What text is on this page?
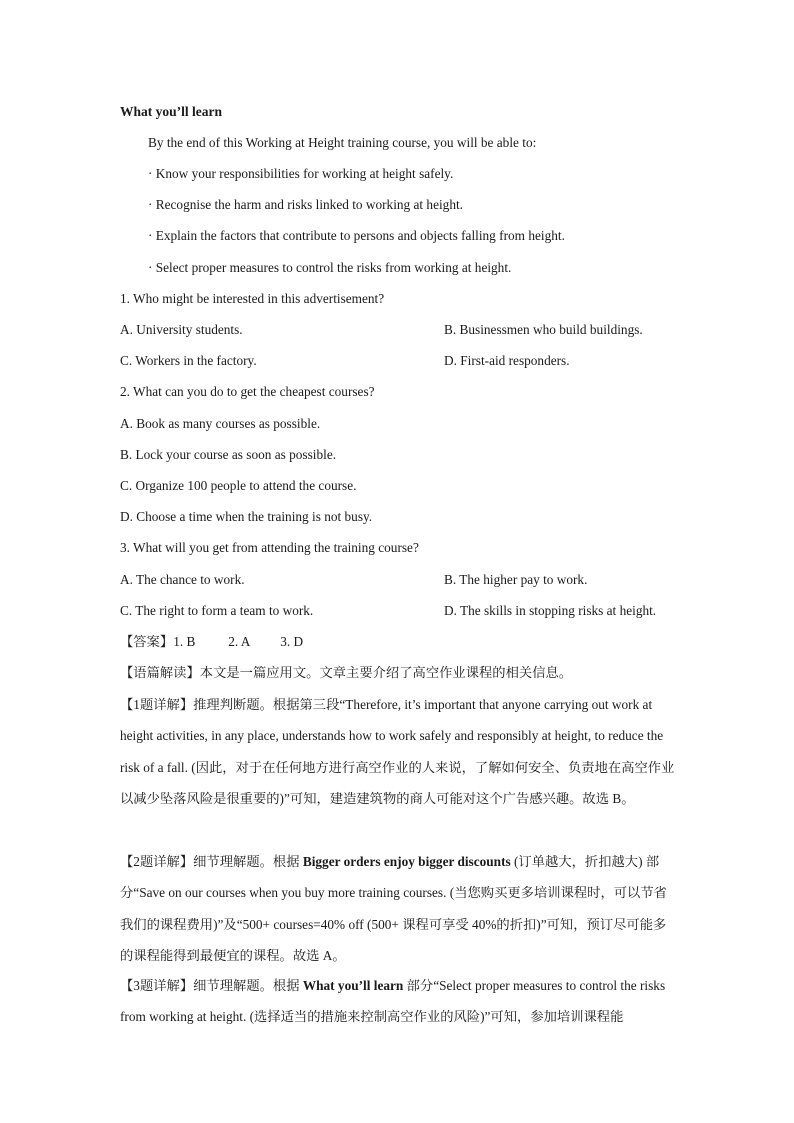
What you’ll learn
By the end of this Working at Height training course, you will be able to:
· Know your responsibilities for working at height safely.
· Recognise the harm and risks linked to working at height.
· Explain the factors that contribute to persons and objects falling from height.
· Select proper measures to control the risks from working at height.
1. Who might be interested in this advertisement?
A. University students.	B. Businessmen who build buildings.
C. Workers in the factory.	D. First-aid responders.
2. What can you do to get the cheapest courses?
A. Book as many courses as possible.
B. Lock your course as soon as possible.
C. Organize 100 people to attend the course.
D. Choose a time when the training is not busy.
3. What will you get from attending the training course?
A. The chance to work.	B. The higher pay to work.
C. The right to form a team to work.	D. The skills in stopping risks at height.
【答案】1. B 2. A 3. D
【语篇解读】本文是一篇应用文。文章主要介绍了高空作业课程的相关信息。
【1题详解】推理判断题。根据第三段“Therefore, it’s important that anyone carrying out work at height activities, in any place, understands how to work safely and responsibly at height, to reduce the risk of a fall. (因此，对于在任何地方进行高空作业的人来说，了解如何安全、负责地在高空作业以减少坠落风险是很重要的)”可知，建造建筑物的商人可能对这个广告感兴趣。故选 B。
【2题详解】细节理解题。根据 Bigger orders enjoy bigger discounts (订单越大，折扣越大) 部分“Save on our courses when you buy more training courses. (当您购买更多培训课程时，可以节省我们的课程费用)”及“500+ courses=40% off (500+ 课程可享受 40%的折扣)”可知，预订尽可能多的课程能得到最便宜的课程。故选 A。
【3题详解】细节理解题。根据 What you’ll learn 部分“Select proper measures to control the risks from working at height. (选择适当的措施来控制高空作业的风险)”可知，参加培训课程能
